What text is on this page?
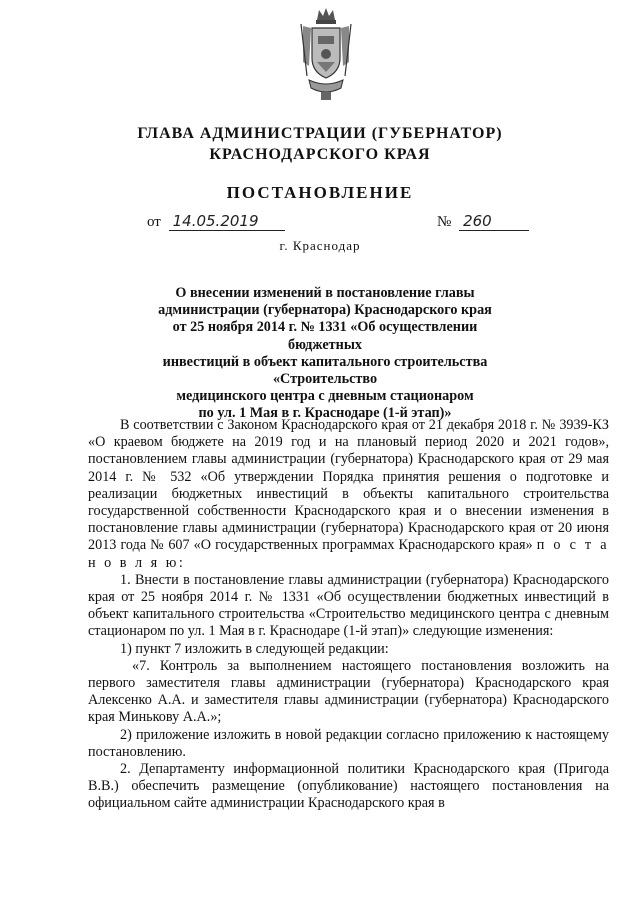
ГЛАВА АДМИНИСТРАЦИИ (ГУБЕРНАТОР)
КРАСНОДАРСКОГО КРАЯ
ПОСТАНОВЛЕНИЕ
от 14.05.2019	№ 260
г. Краснодар
О внесении изменений в постановление главы
администрации (губернатора) Краснодарского края
от 25 ноября 2014 г. № 1331 «Об осуществлении бюджетных
инвестиций в объект капитального строительства «Строительство
медицинского центра с дневным стационаром
по ул. 1 Мая в г. Краснодаре (1-й этап)»

В соответствии с Законом Краснодарского края от 21 декабря 2018 г. № 3939-КЗ «О краевом бюджете на 2019 год и на плановый период 2020 и 2021 годов», постановлением главы администрации (губернатора) Краснодарского края от 29 мая 2014 г. № 532 «Об утверждении Порядка принятия решения о подготовке и реализации бюджетных инвестиций в объекты капитального строительства государственной собственности Краснодарского края и о внесении изменения в постановление главы администрации (губернатора) Краснодарского края от 20 июня 2013 года № 607 «О государственных программах Краснодарского края» п о с т а н о в л я ю:

1. Внести в постановление главы администрации (губернатора) Краснодарского края от 25 ноября 2014 г. № 1331 «Об осуществлении бюджетных инвестиций в объект капитального строительства «Строительство медицинского центра с дневным стационаром по ул. 1 Мая в г. Краснодаре (1-й этап)» следующие изменения:

1) пункт 7 изложить в следующей редакции:

«7. Контроль за выполнением настоящего постановления возложить на первого заместителя главы администрации (губернатора) Краснодарского края Алексенко А.А. и заместителя главы администрации (губернатора) Краснодарского края Минькову А.А.»;

2) приложение изложить в новой редакции согласно приложению к настоящему постановлению.

2. Департаменту информационной политики Краснодарского края (Пригода В.В.) обеспечить размещение (опубликование) настоящего постановления на официальном сайте администрации Краснодарского края в
